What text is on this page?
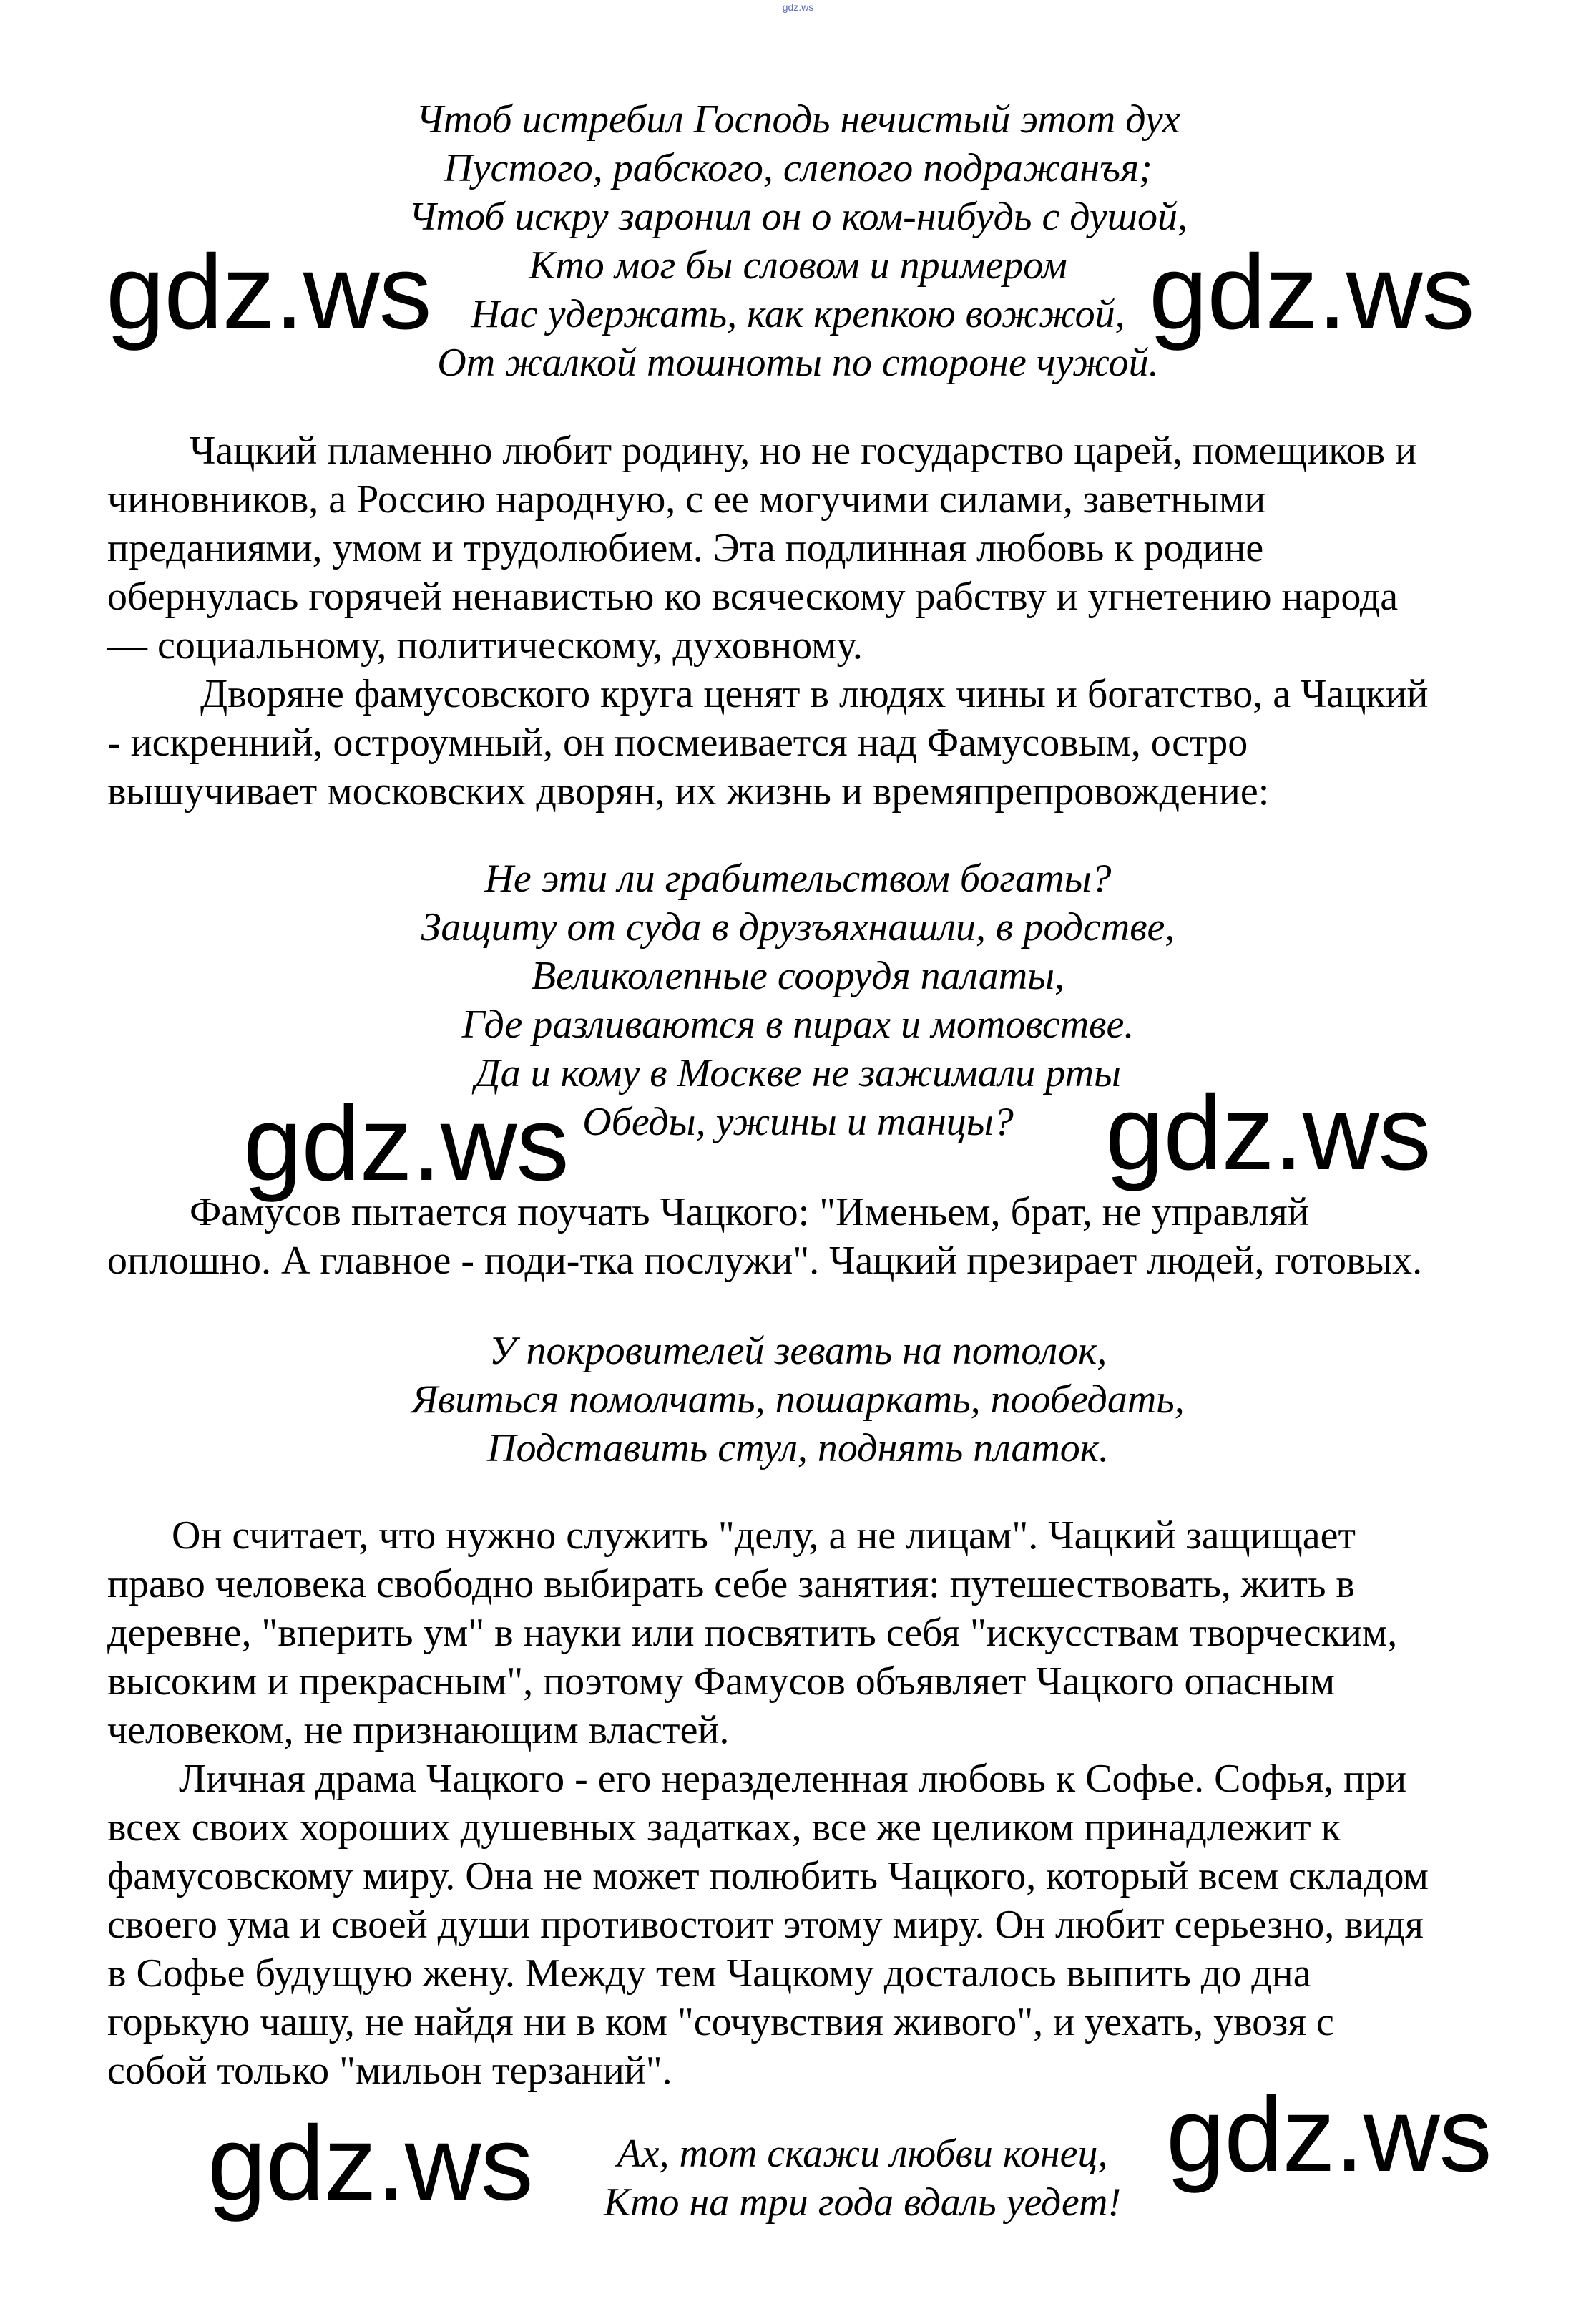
gdz.ws
Чтоб истребил Господь нечистый этот дух
Пустого, рабского, слепого подражанъя;
Чтоб искру заронил он о ком-нибудь с душой,
Кто мог бы словом и примером
Нас удержать, как крепкою вожжой,
От жалкой тошноты по стороне чужой.
Чацкий пламенно любит родину, но не государство царей, помещиков и
чиновников, а Россию народную, с ее могучими силами, заветными
преданиями, умом и трудолюбием. Эта подлинная любовь к родине
обернулась горячей ненавистью ко всяческому рабству и угнетению народа
— социальному, политическому, духовному.
Дворяне фамусовского круга ценят в людях чины и богатство, а Чацкий
- искренний, остроумный, он посмеивается над Фамусовым, остро
вышучивает московских дворян, их жизнь и времяпрепровождение:
Не эти ли грабительством богаты?
Защиту от суда в друзъяхнашли, в родстве,
Великолепные соорудя палаты,
Где разливаются в пирах и мотовстве.
Да и кому в Москве не зажимали рты
Обеды, ужины и танцы?
Фамусов пытается поучать Чацкого: "Именьем, брат, не управляй
оплошно. А главное - поди-тка послужи". Чацкий презирает людей, готовых.
У покровителей зевать на потолок,
Явиться помолчать, пошаркать, пообедать,
Подставить стул, поднять платок.
Он считает, что нужно служить "делу, а не лицам". Чацкий защищает
право человека свободно выбирать себе занятия: путешествовать, жить в
деревне, "вперить ум" в науки или посвятить себя "искусствам творческим,
высоким и прекрасным", поэтому Фамусов объявляет Чацкого опасным
человеком, не признающим властей.
Личная драма Чацкого - его неразделенная любовь к Софье. Софья, при
всех своих хороших душевных задатках, все же целиком принадлежит к
фамусовскому миру. Она не может полюбить Чацкого, который всем складом
своего ума и своей души противостоит этому миру. Он любит серьезно, видя
в Софье будущую жену. Между тем Чацкому досталось выпить до дна
горькую чашу, не найдя ни в ком "сочувствия живого", и уехать, увозя с
собой только "мильон терзаний".
Ах, тот скажи любви конец,
Кто на три года вдаль уедет!
gdz.ws	gdz.ws
gdz.ws	gdz.ws
gdz.ws
gdz.ws
